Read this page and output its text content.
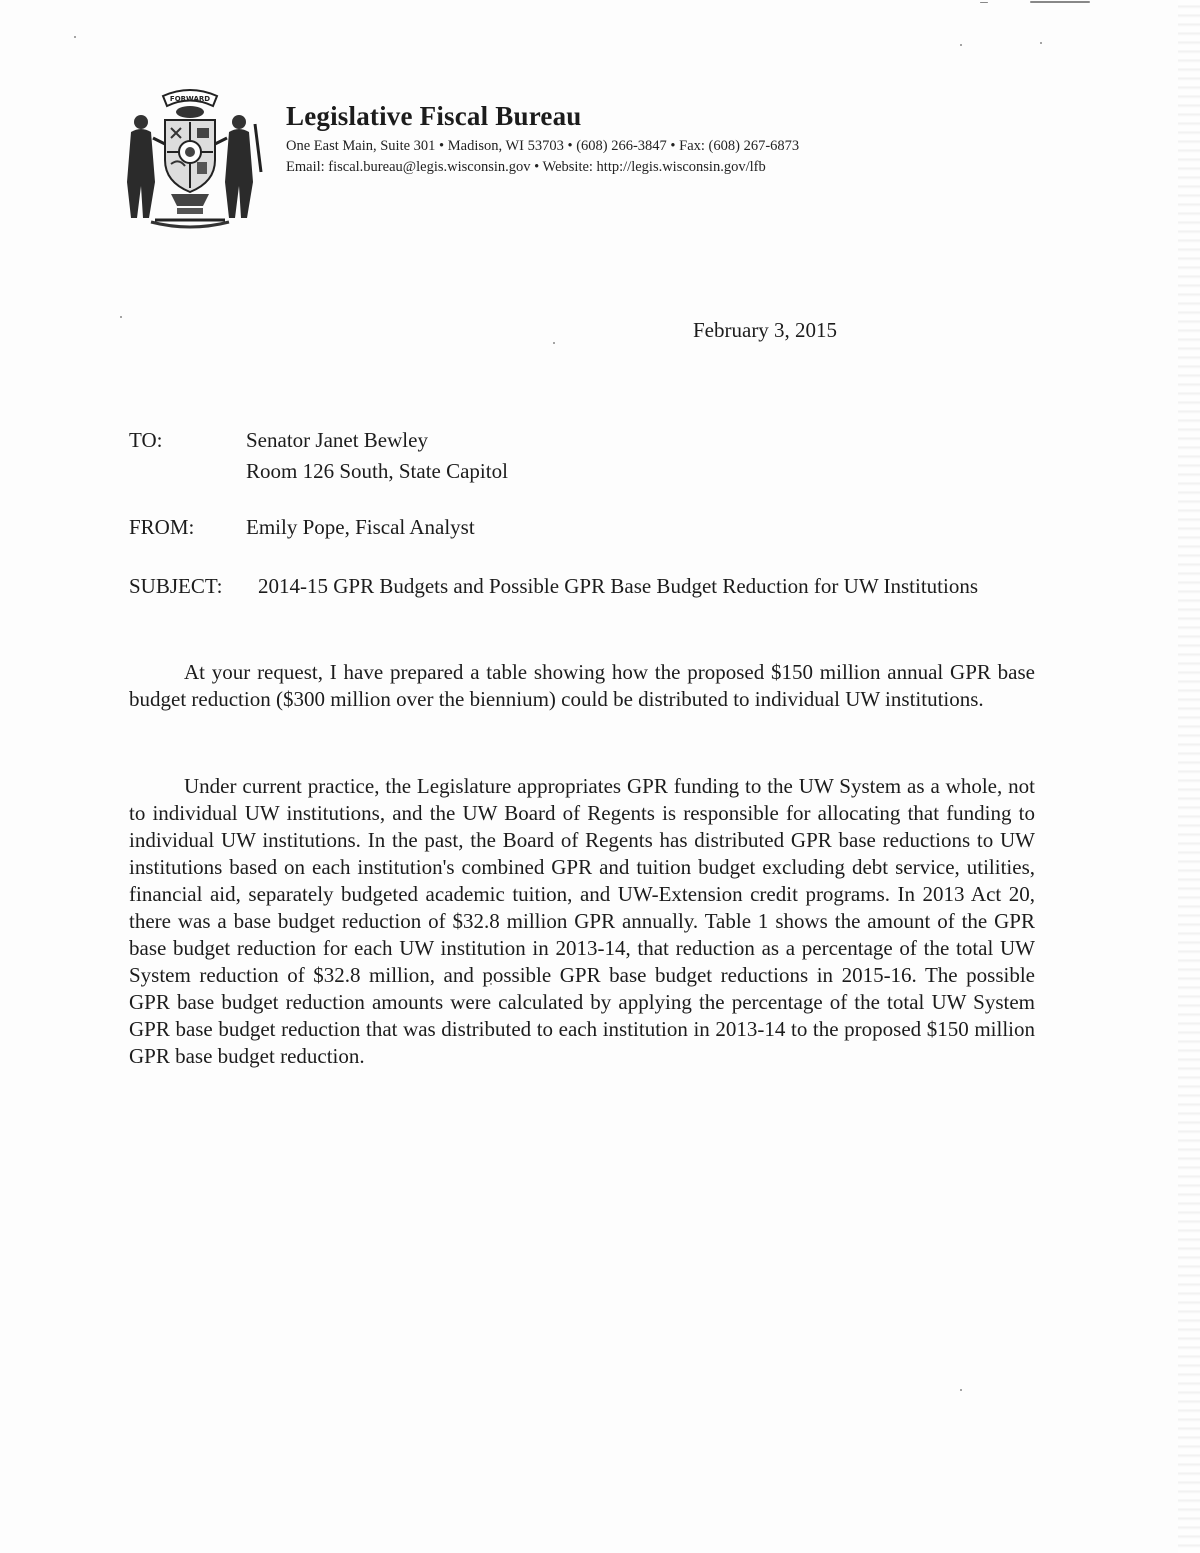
FORWARD
Legislative Fiscal Bureau
One East Main, Suite 301 • Madison, WI 53703 • (608) 266-3847 • Fax: (608) 267-6873
Email: fiscal.bureau@legis.wisconsin.gov • Website: http://legis.wisconsin.gov/lfb
February 3, 2015
TO:	Senator Janet Bewley
Room 126 South, State Capitol
FROM: Emily Pope, Fiscal Analyst
SUBJECT: 2014-15 GPR Budgets and Possible GPR Base Budget Reduction for UW Institutions
At your request, I have prepared a table showing how the proposed $150 million annual GPR base budget reduction ($300 million over the biennium) could be distributed to individual UW institutions.
Under current practice, the Legislature appropriates GPR funding to the UW System as a whole, not to individual UW institutions, and the UW Board of Regents is responsible for allocating that funding to individual UW institutions. In the past, the Board of Regents has distributed GPR base reductions to UW institutions based on each institution's combined GPR and tuition budget excluding debt service, utilities, financial aid, separately budgeted academic tuition, and UW-Extension credit programs. In 2013 Act 20, there was a base budget reduction of $32.8 million GPR annually. Table 1 shows the amount of the GPR base budget reduction for each UW institution in 2013-14, that reduction as a percentage of the total UW System reduction of $32.8 million, and possible GPR base budget reductions in 2015-16. The possible GPR base budget reduction amounts were calculated by applying the percentage of the total UW System GPR base budget reduction that was distributed to each institution in 2013-14 to the proposed $150 million GPR base budget reduction.
